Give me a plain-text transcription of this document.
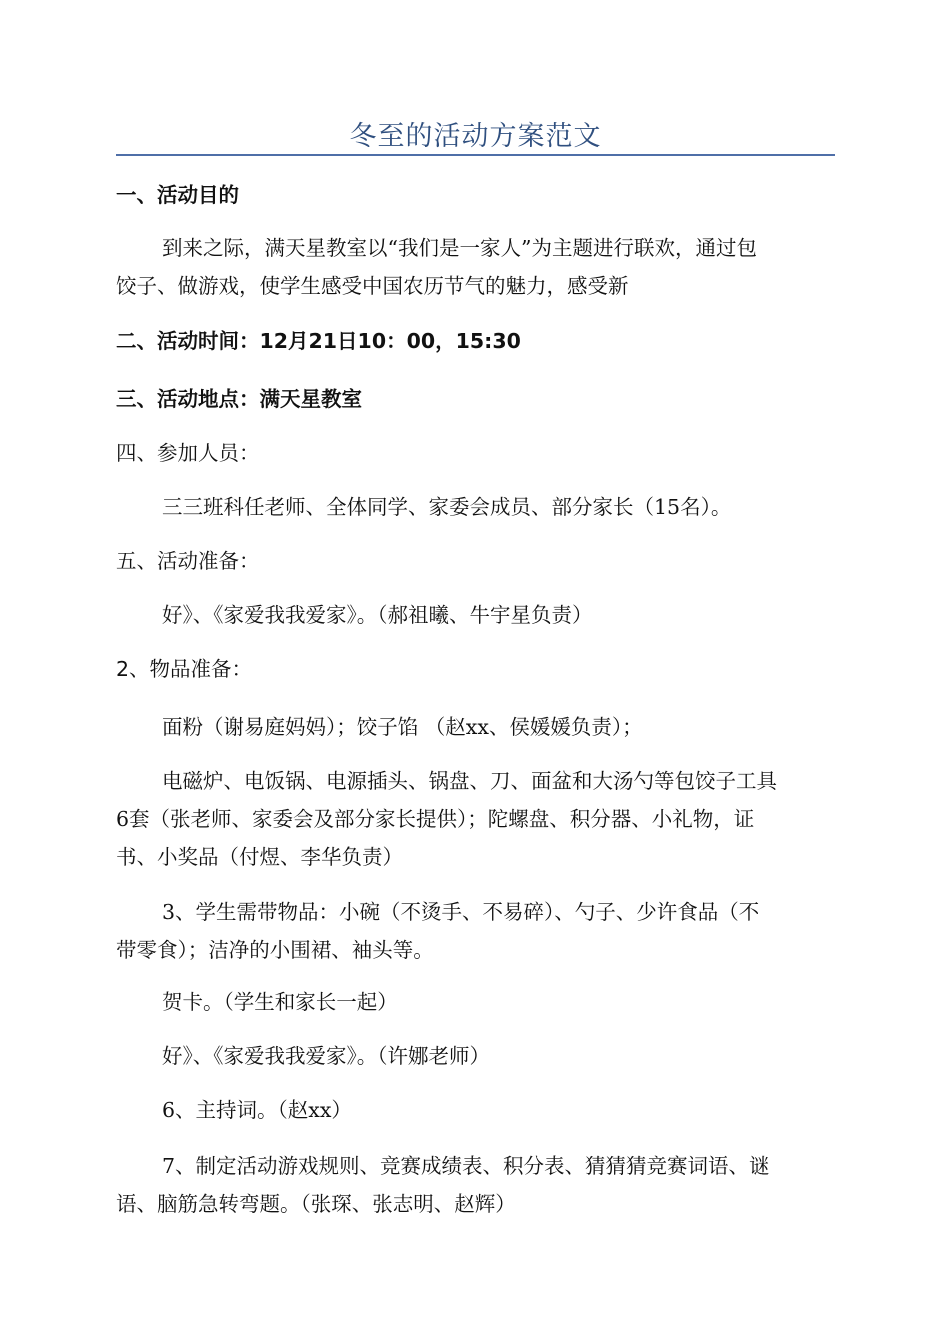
冬至的活动方案范文
一、活动目的
到来之际，满天星教室以“我们是一家人”为主题进行联欢，通过包
饺子、做游戏，使学生感受中国农历节气的魅力，感受新
二、活动时间：12月21日10：00，15:30
三、活动地点：满天星教室
四、参加人员：
三三班科任老师、全体同学、家委会成员、部分家长（15名）。
五、活动准备：
好》、《家爱我我爱家》。（郝祖曦、牛宇星负责）
2、物品准备：
面粉（谢易庭妈妈）；饺子馅 （赵xx、侯媛媛负责）；
电磁炉、电饭锅、电源插头、锅盘、刀、面盆和大汤勺等包饺子工具
6套（张老师、家委会及部分家长提供）；陀螺盘、积分器、小礼物，证
书、小奖品（付煜、李华负责）
3、学生需带物品：小碗（不烫手、不易碎）、勺子、少许食品（不
带零食）；洁净的小围裙、袖头等。
贺卡。（学生和家长一起）
好》、《家爱我我爱家》。（许娜老师）
6、主持词。（赵xx）
7、制定活动游戏规则、竞赛成绩表、积分表、猜猜猜竞赛词语、谜
语、脑筋急转弯题。（张琛、张志明、赵辉）
